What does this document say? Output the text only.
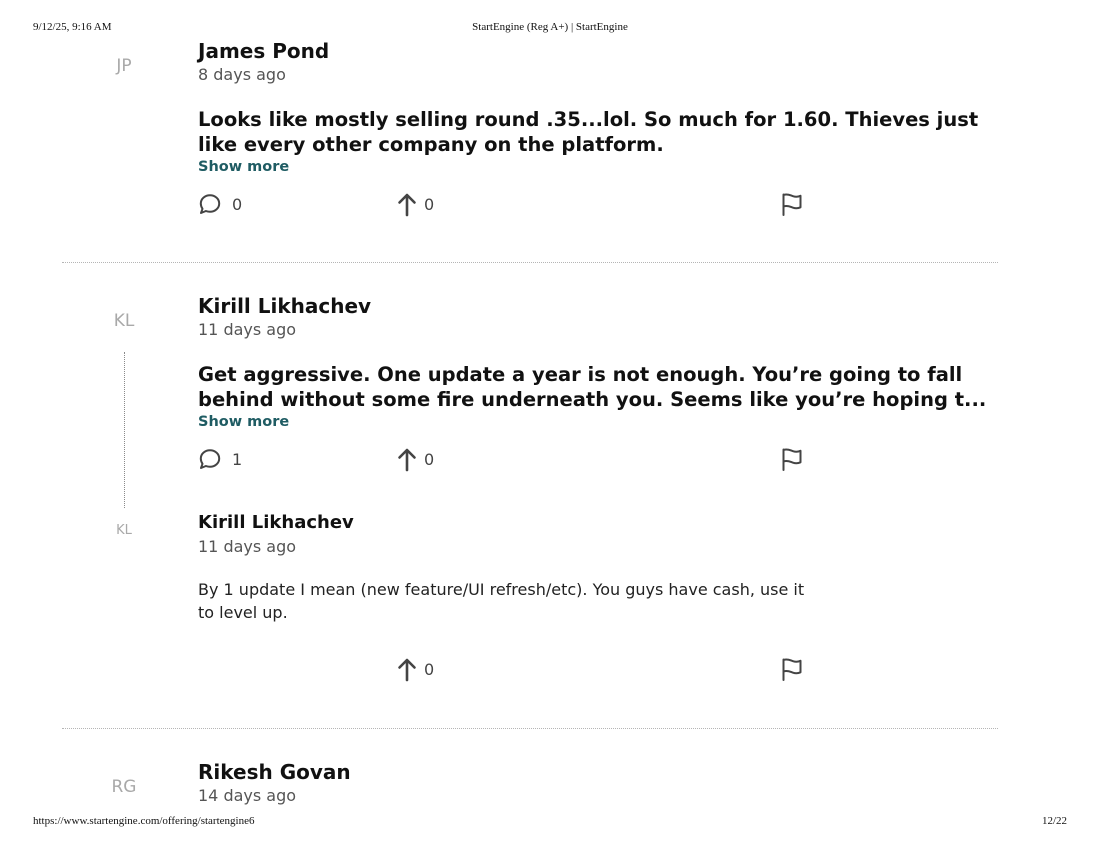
9/12/25, 9:16 AM	StartEngine (Reg A+) | StartEngine
JP
James Pond
8 days ago
Looks like mostly selling round .35...lol. So much for 1.60. Thieves just
like every other company on the platform.
Show more
0	0
KL
Kirill Likhachev
11 days ago
Get aggressive. One update a year is not enough. You’re going to fall
behind without some fire underneath you. Seems like you’re hoping t...
Show more
1	0
KL	Kirill Likhachev
11 days ago
By 1 update I mean (new feature/UI refresh/etc). You guys have cash, use it
to level up.
0
RG
Rikesh Govan
14 days ago
https://www.startengine.com/offering/startengine6	12/22
